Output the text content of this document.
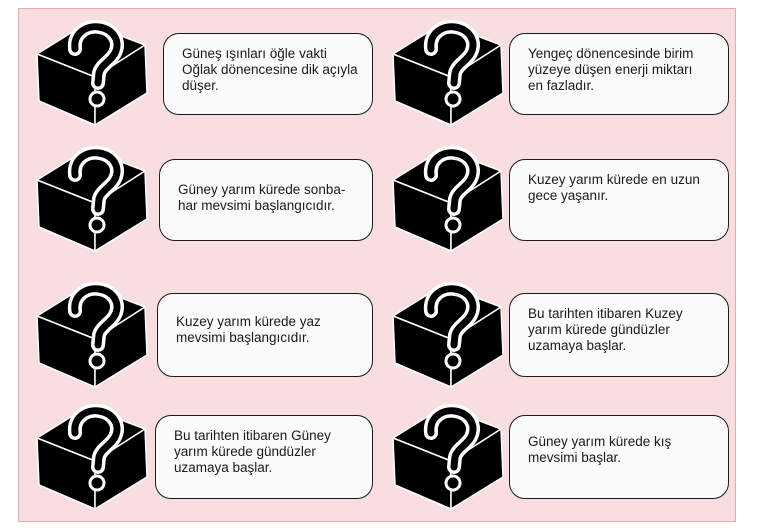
Güneş ışınları öğle vakti
Oğlak dönencesine dik açıyla
düşer.
Yengeç dönencesinde birim
yüzeye düşen enerji miktarı
en fazladır.
Güney yarım kürede sonba-
har mevsimi başlangıcıdır.
Kuzey yarım kürede en uzun
gece yaşanır.
Kuzey yarım kürede yaz
mevsimi başlangıcıdır.
Bu tarihten itibaren Kuzey
yarım kürede gündüzler
uzamaya başlar.
Bu tarihten itibaren Güney
yarım kürede gündüzler
uzamaya başlar.
Güney yarım kürede kış
mevsimi başlar.
